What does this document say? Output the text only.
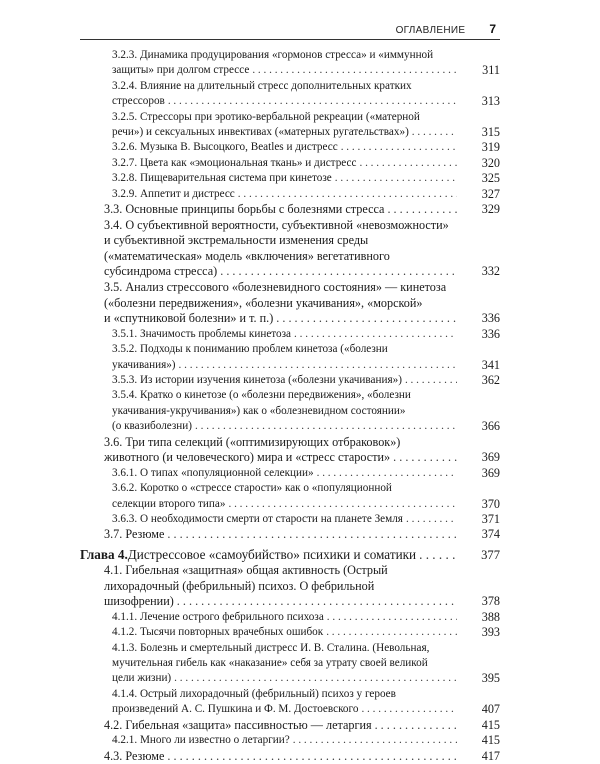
ОГЛАВЛЕНИЕ 7
3.2.3. Динамика продуцирования «гормонов стресса» и «иммунной
защиты» при долгом стрессе . . .	311
3.2.4. Влияние на длительный стресс дополнительных кратких
стрессоров . . .	313
3.2.5. Стрессоры при эротико-вербальной рекреации («матерной
речи») и сексуальных инвективах («матерных ругательствах») . . .	315
3.2.6. Музыка В. Высоцкого, Beatles и дистресс . . .	319
3.2.7. Цвета как «эмоциональная ткань» и дистресс . . .	320
3.2.8. Пищеварительная система при кинетозе . . .	325
3.2.9. Аппетит и дистресс . . .	327
3.3. Основные принципы борьбы с болезнями стресса . . .	329
3.4. О субъективной вероятности, субъективной «невозможности»
и субъективной экстремальности изменения среды
(«математическая» модель «включения» вегетативного
субсиндрома стресса) . . .	332
3.5. Анализ стрессового «болезневидного состояния» — кинетоза
(«болезни передвижения», «болезни укачивания», «морской»
и «спутниковой болезни» и т. п.) . . .	336
3.5.1. Значимость проблемы кинетоза . . .	336
3.5.2. Подходы к пониманию проблем кинетоза («болезни
укачивания») . . .	341
3.5.3. Из истории изучения кинетоза («болезни укачивания») . . .	362
3.5.4. Кратко о кинетозе (о «болезни передвижения», «болезни
укачивания-укручивания») как о «болезневидном состоянии»
(о квазиболезни) . . .	366
3.6. Три типа селекций («оптимизирующих отбраковок»)
животного (и человеческого) мира и «стресс старости» . . .	369
3.6.1. О типах «популяционной селекции» . . .	369
3.6.2. Коротко о «стрессе старости» как о «популяционной
селекции второго типа» . . .	370
3.6.3. О необходимости смерти от старости на планете Земля . . .	371
3.7. Резюме . . .	374
Глава 4. Дистрессовое «самоубийство» психики и соматики . . .	377
4.1. Гибельная «защитная» общая активность (Острый
лихорадочный (фебрильный) психоз. О фебрильной
шизофрении) . . .	378
4.1.1. Лечение острого фебрильного психоза . . .	388
4.1.2. Тысячи повторных врачебных ошибок . . .	393
4.1.3. Болезнь и смертельный дистресс И. В. Сталина. (Невольная,
мучительная гибель как «наказание» себя за утрату своей великой
цели жизни) . . .	395
4.1.4. Острый лихорадочный (фебрильный) психоз у героев
произведений А. С. Пушкина и Ф. М. Достоевского . . .	407
4.2. Гибельная «защита» пассивностью — летаргия . . .	415
4.2.1. Много ли известно о летаргии? . . .	415
4.3. Резюме . . .	417
